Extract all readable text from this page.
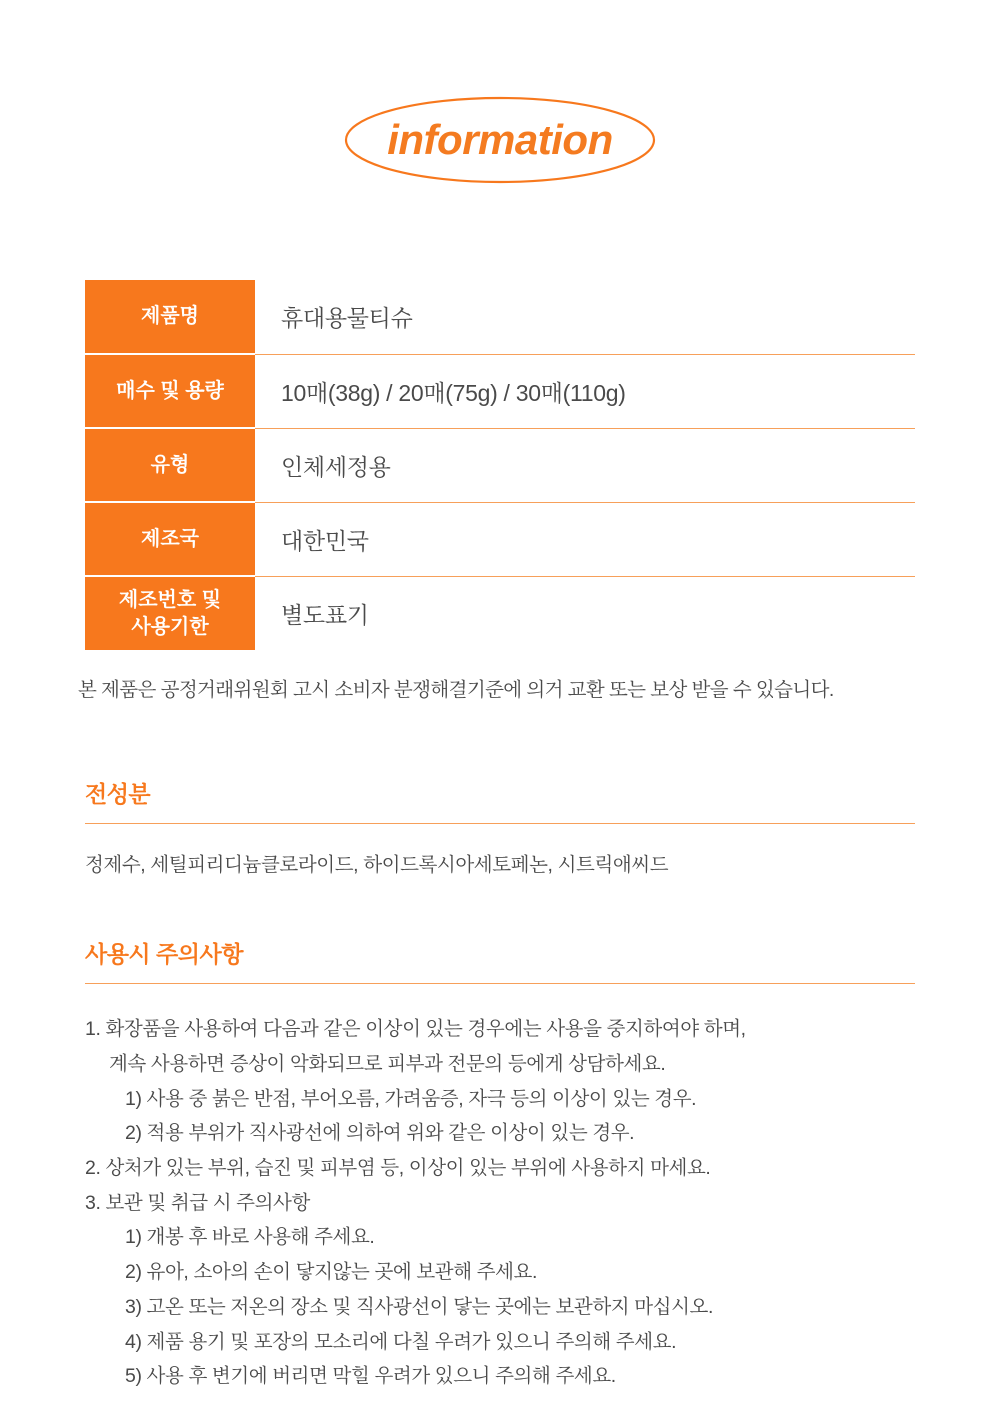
information
제품명	휴대용물티슈
매수 및 용량	10매(38g) / 20매(75g) / 30매(110g)
유형	인체세정용
제조국	대한민국
제조번호 및
사용기한	별도표기
본 제품은 공정거래위원회 고시 소비자 분쟁해결기준에 의거 교환 또는 보상 받을 수 있습니다.
전성분
정제수, 세틸피리디늄클로라이드, 하이드록시아세토페논, 시트릭애씨드
사용시 주의사항
1. 화장품을 사용하여 다음과 같은 이상이 있는 경우에는 사용을 중지하여야 하며,
계속 사용하면 증상이 악화되므로 피부과 전문의 등에게 상담하세요.
1) 사용 중 붉은 반점, 부어오름, 가려움증, 자극 등의 이상이 있는 경우.
2) 적용 부위가 직사광선에 의하여 위와 같은 이상이 있는 경우.
2. 상처가 있는 부위, 습진 및 피부염 등, 이상이 있는 부위에 사용하지 마세요.
3. 보관 및 취급 시 주의사항
1) 개봉 후 바로 사용해 주세요.
2) 유아, 소아의 손이 닿지않는 곳에 보관해 주세요.
3) 고온 또는 저온의 장소 및 직사광선이 닿는 곳에는 보관하지 마십시오.
4) 제품 용기 및 포장의 모소리에 다칠 우려가 있으니 주의해 주세요.
5) 사용 후 변기에 버리면 막힐 우려가 있으니 주의해 주세요.
